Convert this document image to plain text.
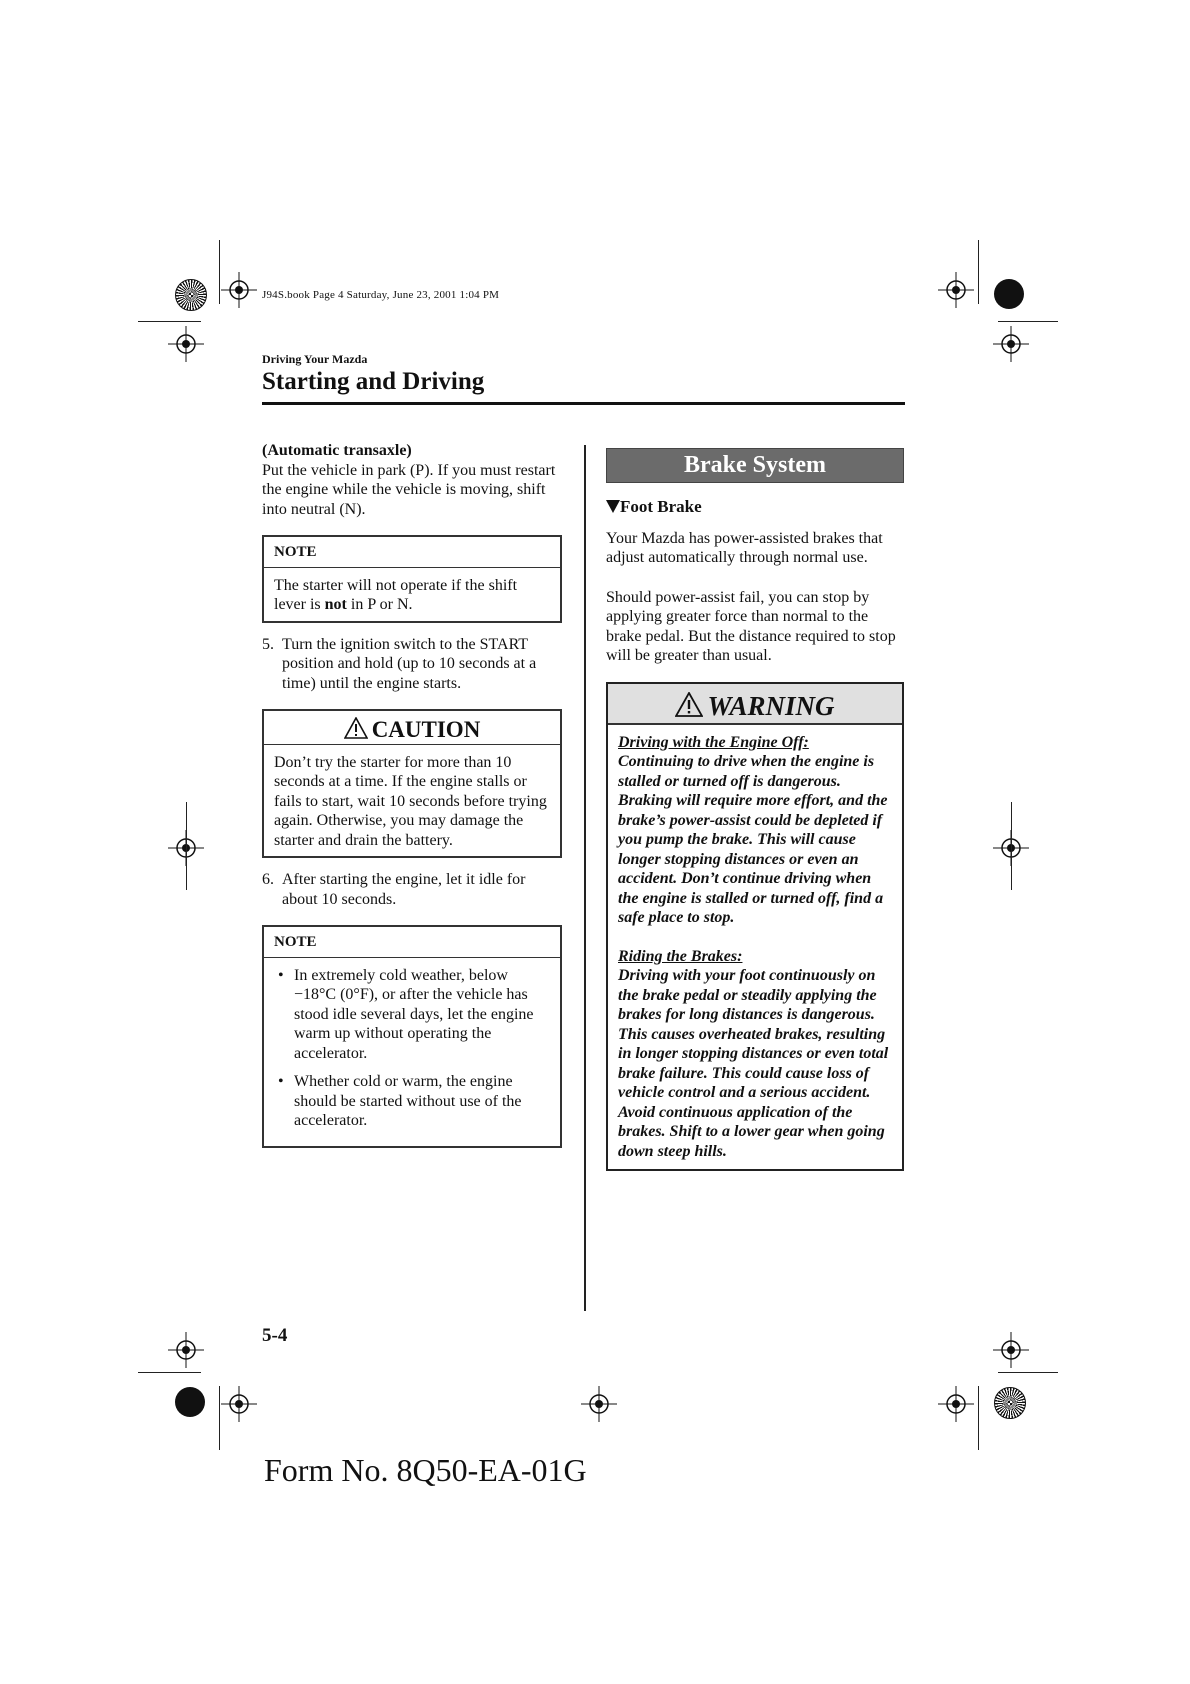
J94S.book Page 4 Saturday, June 23, 2001 1:04 PM
Driving Your Mazda
Starting and Driving

(Automatic transaxle)

Put the vehicle in park (P). If you must restart the engine while the vehicle is moving, shift into neutral (N).

NOTE
The starter will not operate if the shift lever is not in P or N.
5. Turn the ignition switch to the START position and hold (up to 10 seconds at a time) until the engine starts.
CAUTION
Don’t try the starter for more than 10 seconds at a time. If the engine stalls or fails to start, wait 10 seconds before trying again. Otherwise, you may damage the starter and drain the battery.
6. After starting the engine, let it idle for about 10 seconds.
NOTE
• In extremely cold weather, below −18°C (0°F), or after the vehicle has stood idle several days, let the engine warm up without operating the accelerator.
• Whether cold or warm, the engine should be started without use of the accelerator.
Brake System
Foot Brake

Your Mazda has power-assisted brakes that adjust automatically through normal use.

Should power-assist fail, you can stop by applying greater force than normal to the brake pedal. But the distance required to stop will be greater than usual.

WARNING
Driving with the Engine Off:
Continuing to drive when the engine is stalled or turned off is dangerous. Braking will require more effort, and the brake’s power-assist could be depleted if you pump the brake. This will cause longer stopping distances or even an accident. Don’t continue driving when the engine is stalled or turned off, find a safe place to stop.
Riding the Brakes:
Driving with your foot continuously on the brake pedal or steadily applying the brakes for long distances is dangerous. This causes overheated brakes, resulting in longer stopping distances or even total brake failure. This could cause loss of vehicle control and a serious accident. Avoid continuous application of the brakes. Shift to a lower gear when going down steep hills.
5-4
Form No. 8Q50-EA-01G
